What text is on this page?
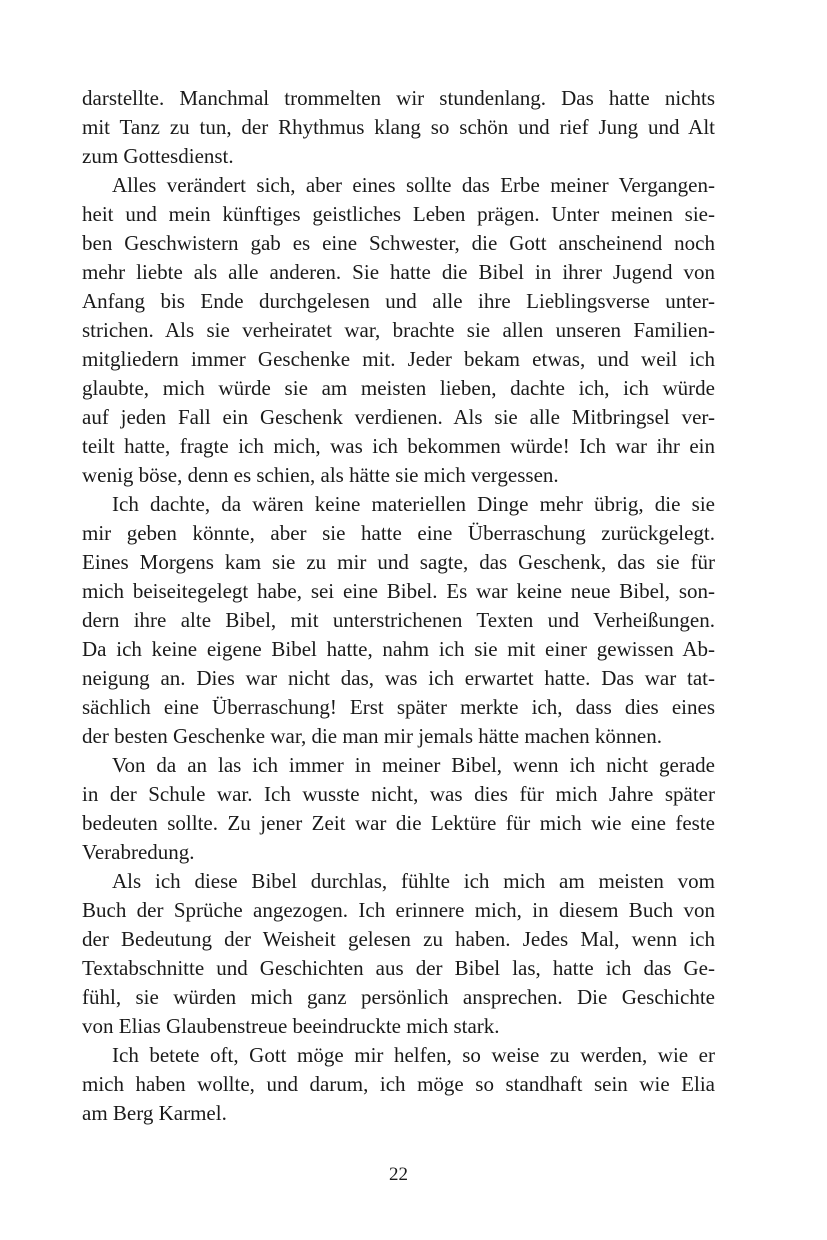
darstellte. Manchmal trommelten wir stundenlang. Das hatte nichts
mit Tanz zu tun, der Rhythmus klang so schön und rief Jung und Alt
zum Gottesdienst.
Alles verändert sich, aber eines sollte das Erbe meiner Vergangen-
heit und mein künftiges geistliches Leben prägen. Unter meinen sie-
ben Geschwistern gab es eine Schwester, die Gott anscheinend noch
mehr liebte als alle anderen. Sie hatte die Bibel in ihrer Jugend von
Anfang bis Ende durchgelesen und alle ihre Lieblingsverse unter-
strichen. Als sie verheiratet war, brachte sie allen unseren Familien-
mitgliedern immer Geschenke mit. Jeder bekam etwas, und weil ich
glaubte, mich würde sie am meisten lieben, dachte ich, ich würde
auf jeden Fall ein Geschenk verdienen. Als sie alle Mitbringsel ver-
teilt hatte, fragte ich mich, was ich bekommen würde! Ich war ihr ein
wenig böse, denn es schien, als hätte sie mich vergessen.
Ich dachte, da wären keine materiellen Dinge mehr übrig, die sie
mir geben könnte, aber sie hatte eine Überraschung zurückgelegt.
Eines Morgens kam sie zu mir und sagte, das Geschenk, das sie für
mich beiseitegelegt habe, sei eine Bibel. Es war keine neue Bibel, son-
dern ihre alte Bibel, mit unterstrichenen Texten und Verheißungen.
Da ich keine eigene Bibel hatte, nahm ich sie mit einer gewissen Ab-
neigung an. Dies war nicht das, was ich erwartet hatte. Das war tat-
sächlich eine Überraschung! Erst später merkte ich, dass dies eines
der besten Geschenke war, die man mir jemals hätte machen können.
Von da an las ich immer in meiner Bibel, wenn ich nicht gerade
in der Schule war. Ich wusste nicht, was dies für mich Jahre später
bedeuten sollte. Zu jener Zeit war die Lektüre für mich wie eine feste
Verabredung.
Als ich diese Bibel durchlas, fühlte ich mich am meisten vom
Buch der Sprüche angezogen. Ich erinnere mich, in diesem Buch von
der Bedeutung der Weisheit gelesen zu haben. Jedes Mal, wenn ich
Textabschnitte und Geschichten aus der Bibel las, hatte ich das Ge-
fühl, sie würden mich ganz persönlich ansprechen. Die Geschichte
von Elias Glaubenstreue beeindruckte mich stark.
Ich betete oft, Gott möge mir helfen, so weise zu werden, wie er
mich haben wollte, und darum, ich möge so standhaft sein wie Elia
am Berg Karmel.
22
